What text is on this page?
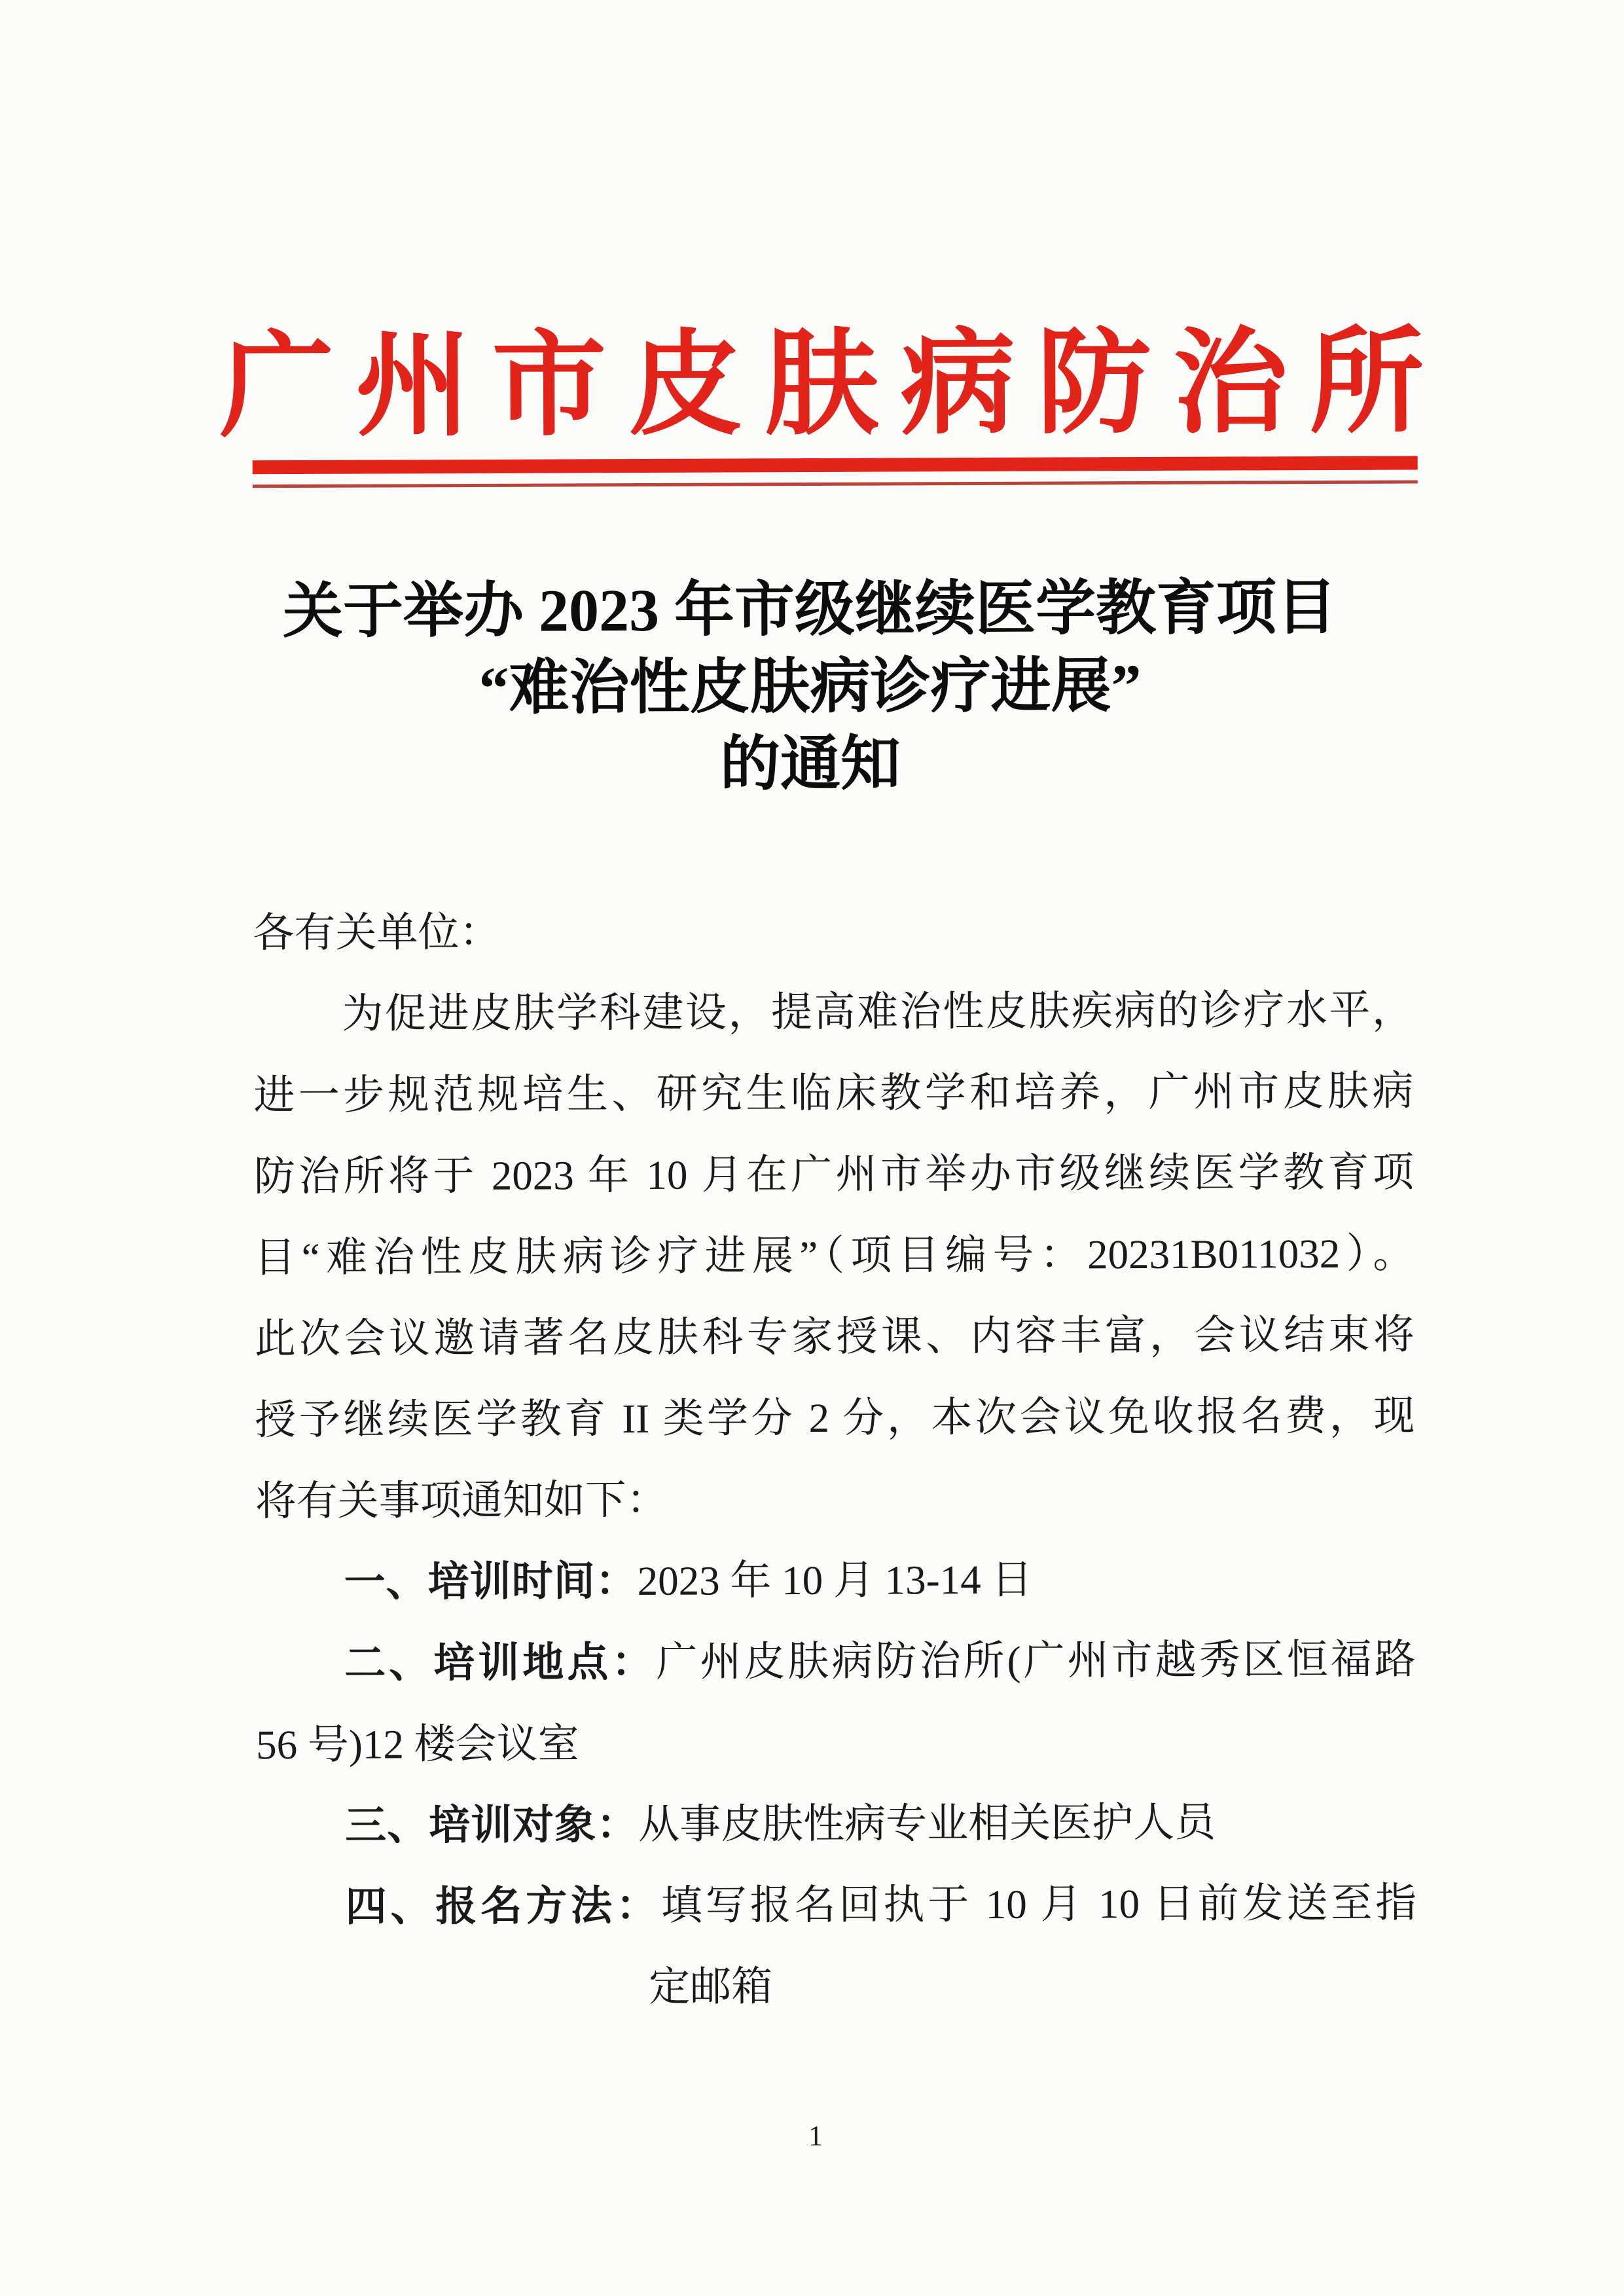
广州市皮肤病防治所
关于举办 2023 年市级继续医学教育项目
“难治性皮肤病诊疗进展”
的通知
各有关单位：
为促进皮肤学科建设，提高难治性皮肤疾病的诊疗水平，
进一步规范规培生、研究生临床教学和培养，广州市皮肤病
防治所将于 2023 年 10 月在广州市举办市级继续医学教育项
目“难治性皮肤病诊疗进展”（项目编号：20231B011032）。
此次会议邀请著名皮肤科专家授课、内容丰富，会议结束将
授予继续医学教育 II 类学分 2 分，本次会议免收报名费，现
将有关事项通知如下：
一、培训时间：2023 年 10 月 13-14 日
二、培训地点：广州皮肤病防治所(广州市越秀区恒福路
56 号)12 楼会议室
三、培训对象：从事皮肤性病专业相关医护人员
四、报名方法：填写报名回执于 10 月 10 日前发送至指
定邮箱
1
